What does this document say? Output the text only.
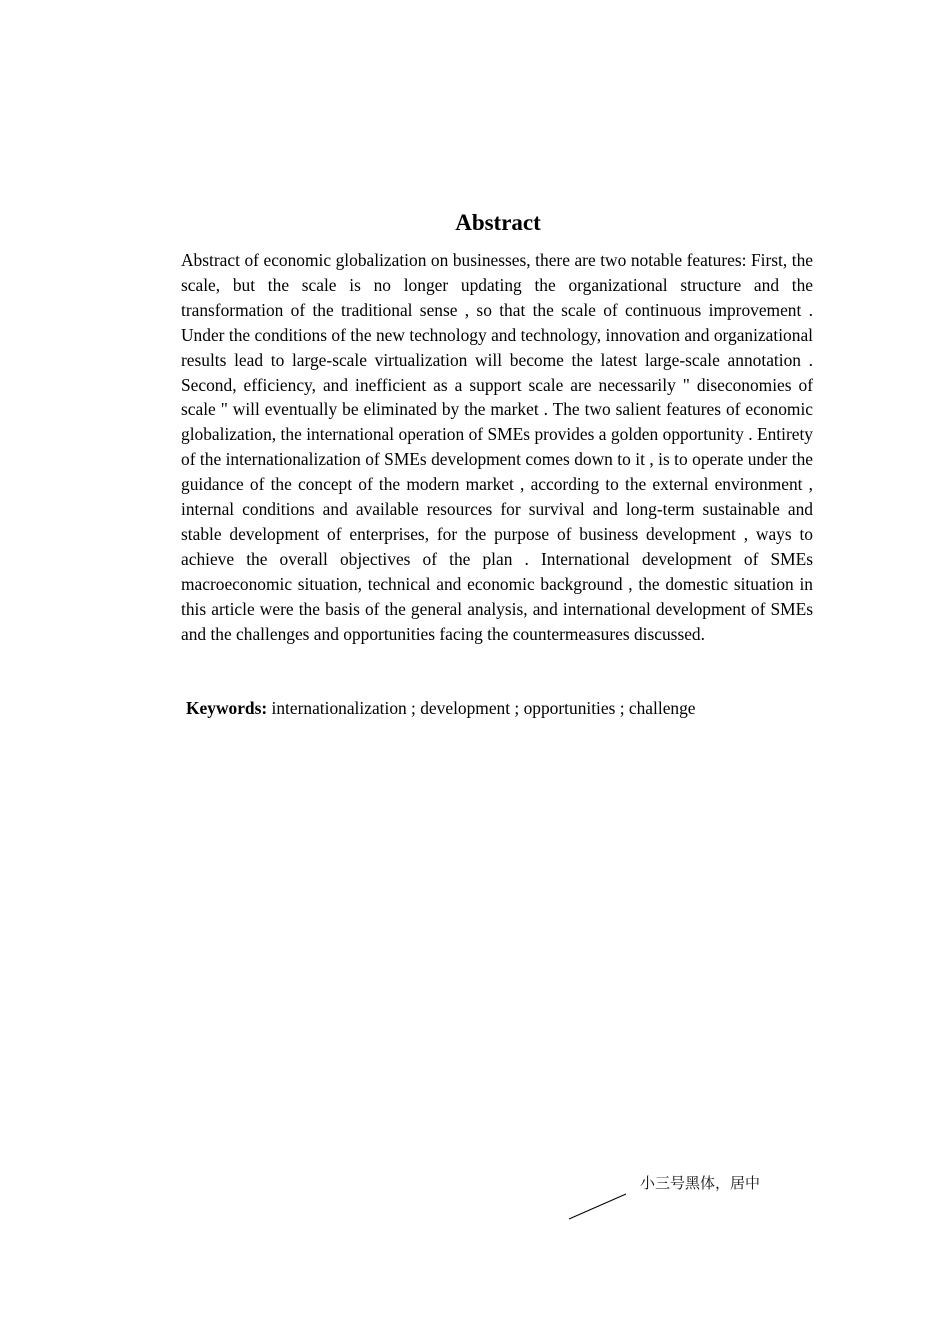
Abstract

Abstract of economic globalization on businesses, there are two notable features: First, the scale, but the scale is no longer updating the organizational structure and the transformation of the traditional sense , so that the scale of continuous improvement . Under the conditions of the new technology and technology, innovation and organizational results lead to large-scale virtualization will become the latest large-scale annotation . Second, efficiency, and inefficient as a support scale are necessarily " diseconomies of scale " will eventually be eliminated by the market . The two salient features of economic globalization, the international operation of SMEs provides a golden opportunity . Entirety of the internationalization of SMEs development comes down to it , is to operate under the guidance of the concept of the modern market , according to the external environment , internal conditions and available resources for survival and long-term sustainable and stable development of enterprises, for the purpose of business development , ways to achieve the overall objectives of the plan . International development of SMEs macroeconomic situation, technical and economic background , the domestic situation in this article were the basis of the general analysis, and international development of SMEs and the challenges and opportunities facing the countermeasures discussed.

Keywords: internationalization ; development ; opportunities ; challenge
小三号黑体，居中
